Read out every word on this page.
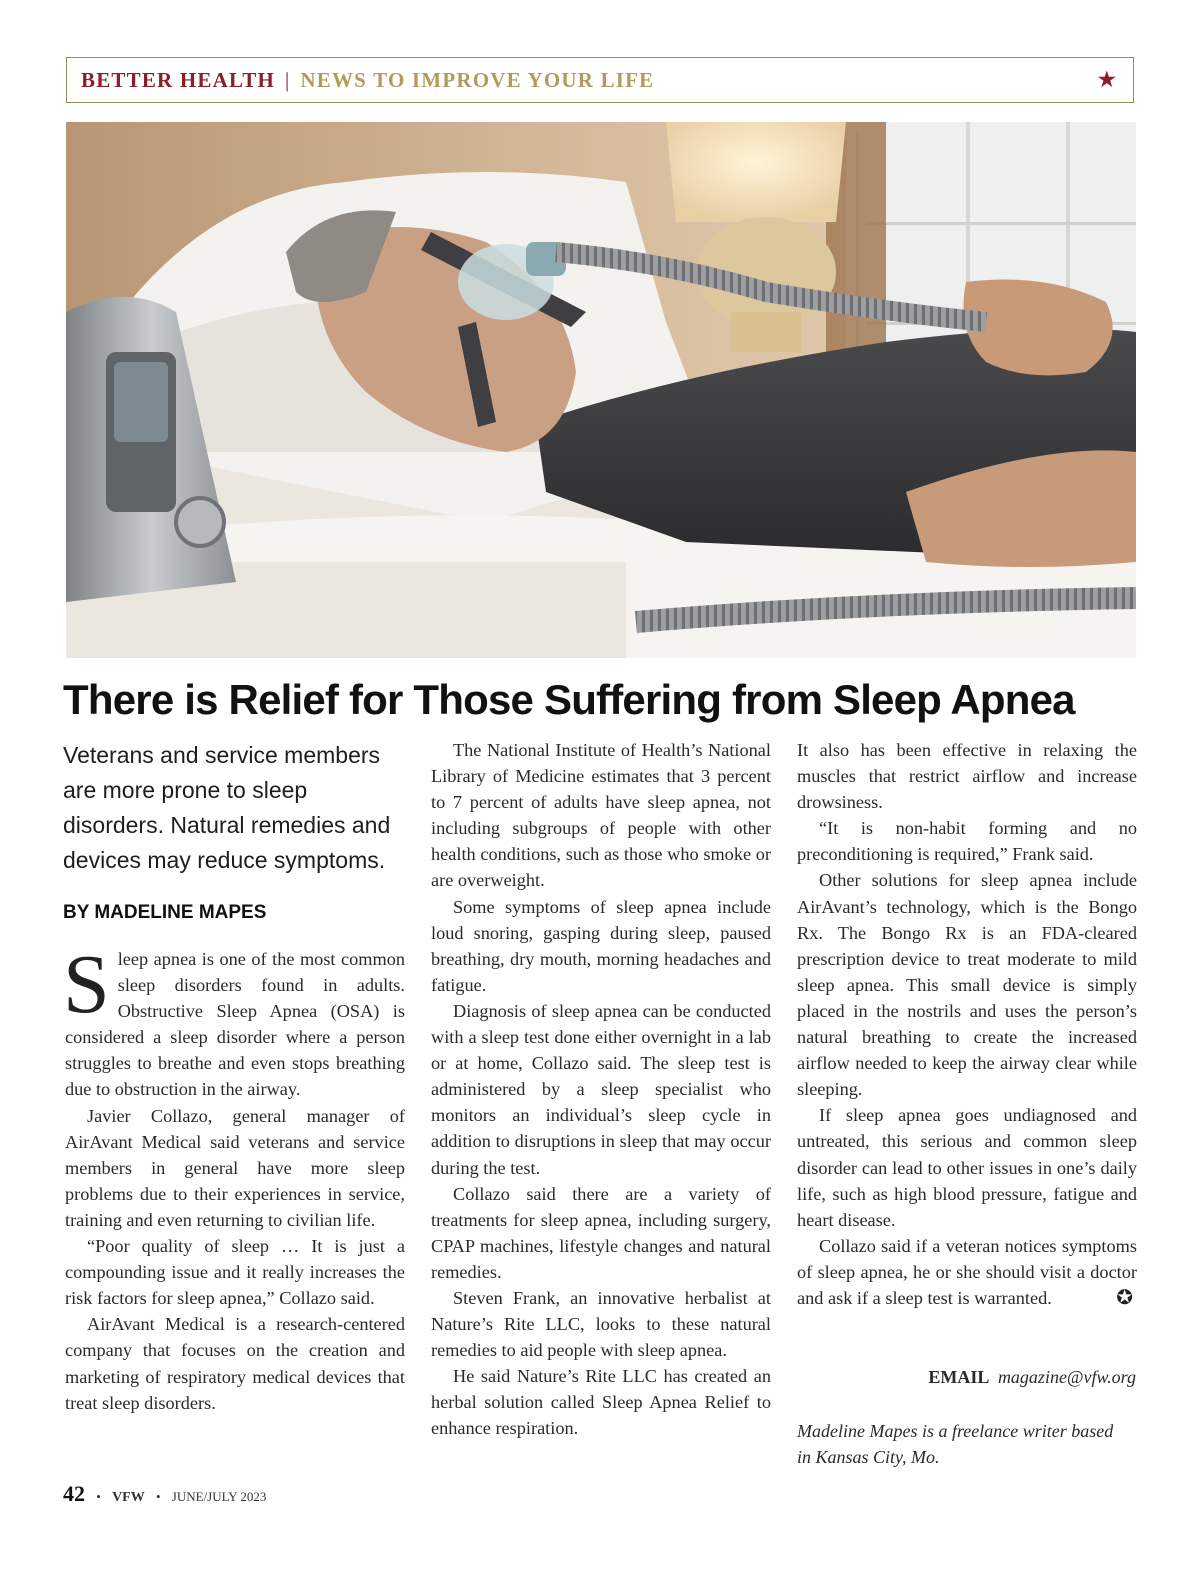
BETTER HEALTH | NEWS TO IMPROVE YOUR LIFE	★
There is Relief for Those Suffering from Sleep Apnea
Veterans and service members are more prone to sleep disorders. Natural remedies and devices may reduce symptoms.
BY MADELINE MAPES

Sleep apnea is one of the most common sleep disorders found in adults. Obstructive Sleep Apnea (OSA) is considered a sleep disorder where a person struggles to breathe and even stops breathing due to obstruction in the airway.

Javier Collazo, general manager of AirAvant Medical said veterans and service members in general have more sleep problems due to their experiences in service, training and even returning to civilian life.

“Poor quality of sleep … It is just a compounding issue and it really increases the risk factors for sleep apnea,” Collazo said.

AirAvant Medical is a research-centered company that focuses on the creation and marketing of respiratory medical devices that treat sleep disorders.

The National Institute of Health’s National Library of Medicine estimates that 3 percent to 7 percent of adults have sleep apnea, not including subgroups of people with other health conditions, such as those who smoke or are overweight.

Some symptoms of sleep apnea include loud snoring, gasping during sleep, paused breathing, dry mouth, morning headaches and fatigue.

Diagnosis of sleep apnea can be conducted with a sleep test done either overnight in a lab or at home, Collazo said. The sleep test is administered by a sleep specialist who monitors an individual’s sleep cycle in addition to disruptions in sleep that may occur during the test.

Collazo said there are a variety of treatments for sleep apnea, including surgery, CPAP machines, lifestyle changes and natural remedies.

Steven Frank, an innovative herbalist at Nature’s Rite LLC, looks to these natural remedies to aid people with sleep apnea.

He said Nature’s Rite LLC has created an herbal solution called Sleep Apnea Relief to enhance respiration.

It also has been effective in relaxing the muscles that restrict airflow and increase drowsiness.

“It is non-habit forming and no preconditioning is required,” Frank said.

Other solutions for sleep apnea include AirAvant’s technology, which is the Bongo Rx. The Bongo Rx is an FDA-cleared prescription device to treat moderate to mild sleep apnea. This small device is simply placed in the nostrils and uses the person’s natural breathing to create the increased airflow needed to keep the airway clear while sleeping.

If sleep apnea goes undiagnosed and untreated, this serious and common sleep disorder can lead to other issues in one’s daily life, such as high blood pressure, fatigue and heart disease.

Collazo said if a veteran notices symptoms of sleep apnea, he or she should visit a doctor and ask if a sleep test is warranted.	✪

EMAIL magazine@vfw.org
Madeline Mapes is a freelance writer based in Kansas City, Mo.
42 • VFW • JUNE/JULY 2023
